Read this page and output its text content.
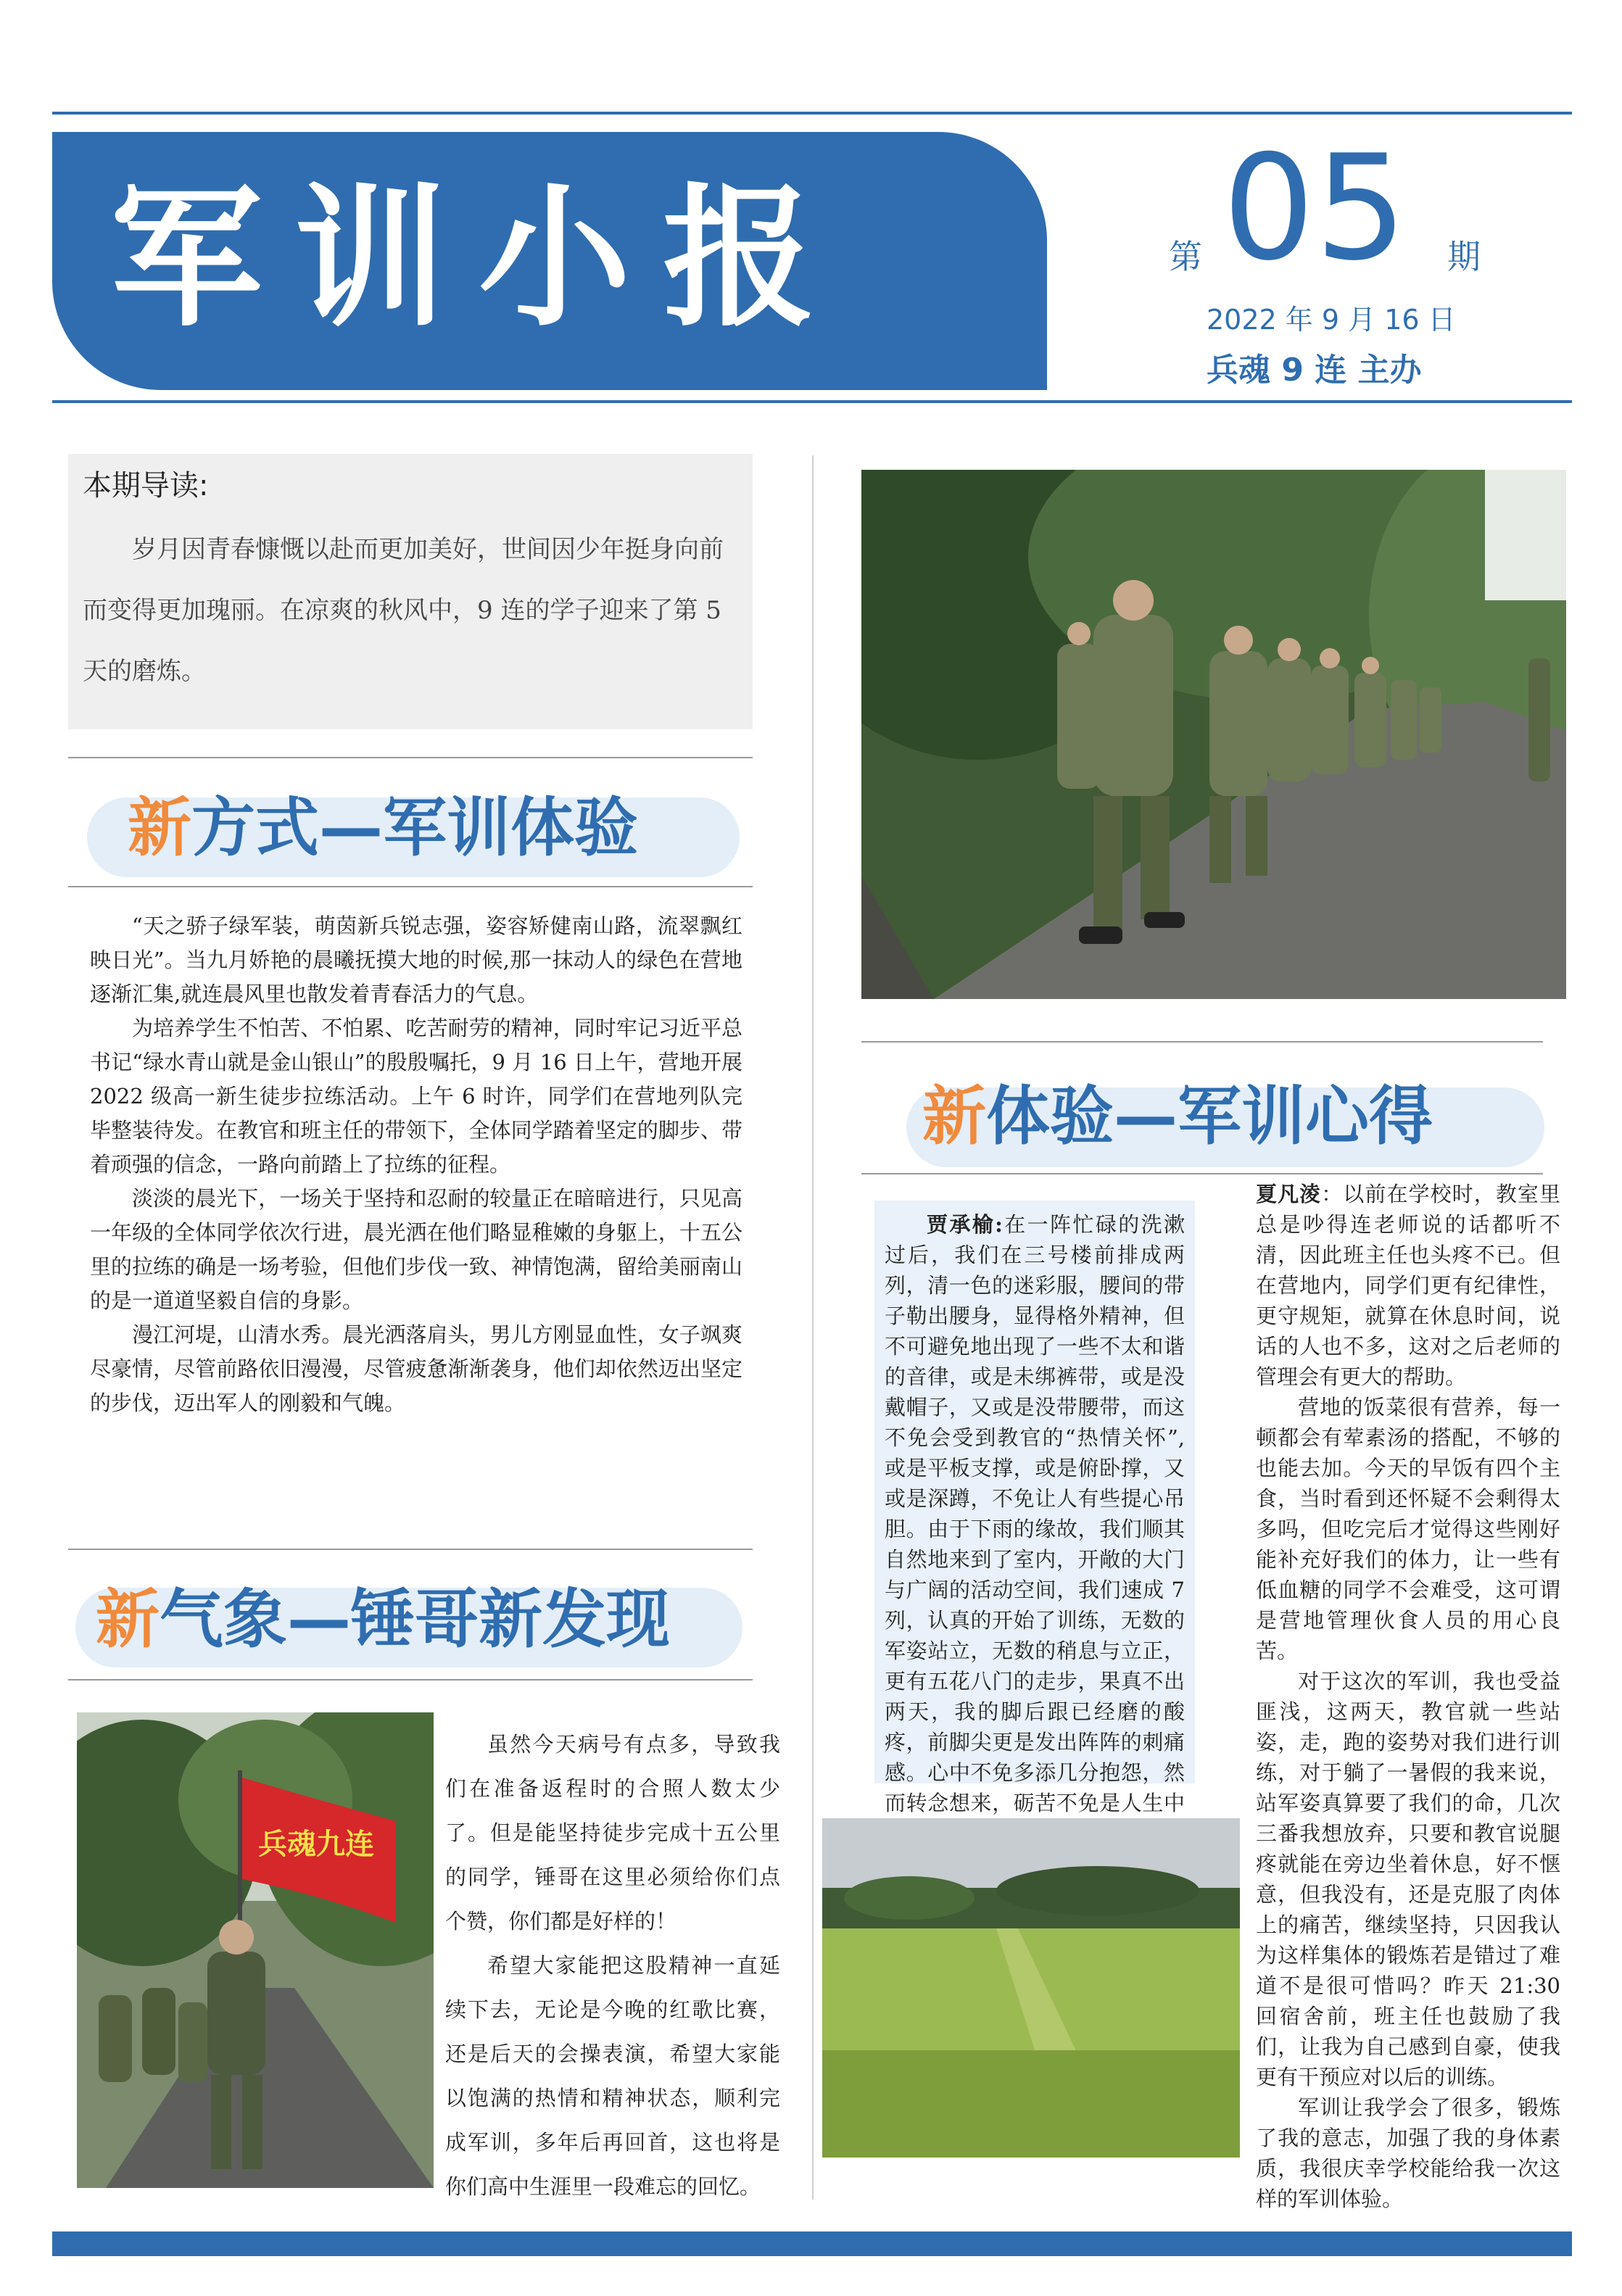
军训小报	第 05 期
2022 年 9 月 16 日
兵魂 9 连 主办
本期导读:
岁月因青春慷慨以赴而更加美好，世间因少年挺身向前而变得更加瑰丽。在凉爽的秋风中，9 连的学子迎来了第 5 天的磨炼。
新方式—军训体验

“天之骄子绿军装，萌茵新兵锐志强，姿容矫健南山路，流翠飘红映日光”。当九月娇艳的晨曦抚摸大地的时候,那一抹动人的绿色在营地逐渐汇集,就连晨风里也散发着青春活力的气息。

为培养学生不怕苦、不怕累、吃苦耐劳的精神，同时牢记习近平总书记“绿水青山就是金山银山”的殷殷嘱托，9 月 16 日上午，营地开展 2022 级高一新生徒步拉练活动。上午 6 时许，同学们在营地列队完毕整装待发。在教官和班主任的带领下，全体同学踏着坚定的脚步、带着顽强的信念，一路向前踏上了拉练的征程。

淡淡的晨光下，一场关于坚持和忍耐的较量正在暗暗进行，只见高一年级的全体同学依次行进，晨光洒在他们略显稚嫩的身躯上，十五公里的拉练的确是一场考验，但他们步伐一致、神情饱满，留给美丽南山的是一道道坚毅自信的身影。

漫江河堤，山清水秀。晨光洒落肩头，男儿方刚显血性，女子飒爽尽豪情，尽管前路依旧漫漫，尽管疲惫渐渐袭身，他们却依然迈出坚定的步伐，迈出军人的刚毅和气魄。

新气象—锤哥新发现
兵魂九连

虽然今天病号有点多，导致我们在准备返程时的合照人数太少了。但是能坚持徒步完成十五公里的同学，锤哥在这里必须给你们点个赞，你们都是好样的！

希望大家能把这股精神一直延续下去，无论是今晚的红歌比赛，还是后天的会操表演，希望大家能以饱满的热情和精神状态，顺利完成军训，多年后再回首，这也将是你们高中生涯里一段难忘的回忆。

新体验—军训心得

贾承榆:在一阵忙碌的洗漱过后，我们在三号楼前排成两列，清一色的迷彩服，腰间的带子勒出腰身，显得格外精神，但不可避免地出现了一些不太和谐的音律，或是未绑裤带，或是没戴帽子，又或是没带腰带，而这不免会受到教官的“热情关怀”,或是平板支撑，或是俯卧撑，又或是深蹲，不免让人有些提心吊胆。由于下雨的缘故，我们顺其自然地来到了室内，开敞的大门与广阔的活动空间，我们速成 7 列，认真的开始了训练，无数的军姿站立，无数的稍息与立正，更有五花八门的走步，果真不出两天，我的脚后跟已经磨的酸疼，前脚尖更是发出阵阵的刺痛感。心中不免多添几分抱怨，然而转念想来，砺苦不免是人生中

夏凡淩：以前在学校时，教室里总是吵得连老师说的话都听不清，因此班主任也头疼不已。但在营地内，同学们更有纪律性，更守规矩，就算在休息时间，说话的人也不多，这对之后老师的管理会有更大的帮助。

营地的饭菜很有营养，每一顿都会有荤素汤的搭配，不够的也能去加。今天的早饭有四个主食，当时看到还怀疑不会剩得太多吗，但吃完后才觉得这些刚好能补充好我们的体力，让一些有低血糖的同学不会难受，这可谓是营地管理伙食人员的用心良苦。

对于这次的军训，我也受益匪浅，这两天，教官就一些站姿，走，跑的姿势对我们进行训练，对于躺了一暑假的我来说，站军姿真算要了我们的命，几次三番我想放弃，只要和教官说腿疼就能在旁边坐着休息，好不惬意，但我没有，还是克服了肉体上的痛苦，继续坚持，只因我认为这样集体的锻炼若是错过了难道不是很可惜吗？昨天 21:30 回宿舍前，班主任也鼓励了我们，让我为自己感到自豪，使我更有干预应对以后的训练。

军训让我学会了很多，锻炼了我的意志，加强了我的身体素质，我很庆幸学校能给我一次这样的军训体验。
